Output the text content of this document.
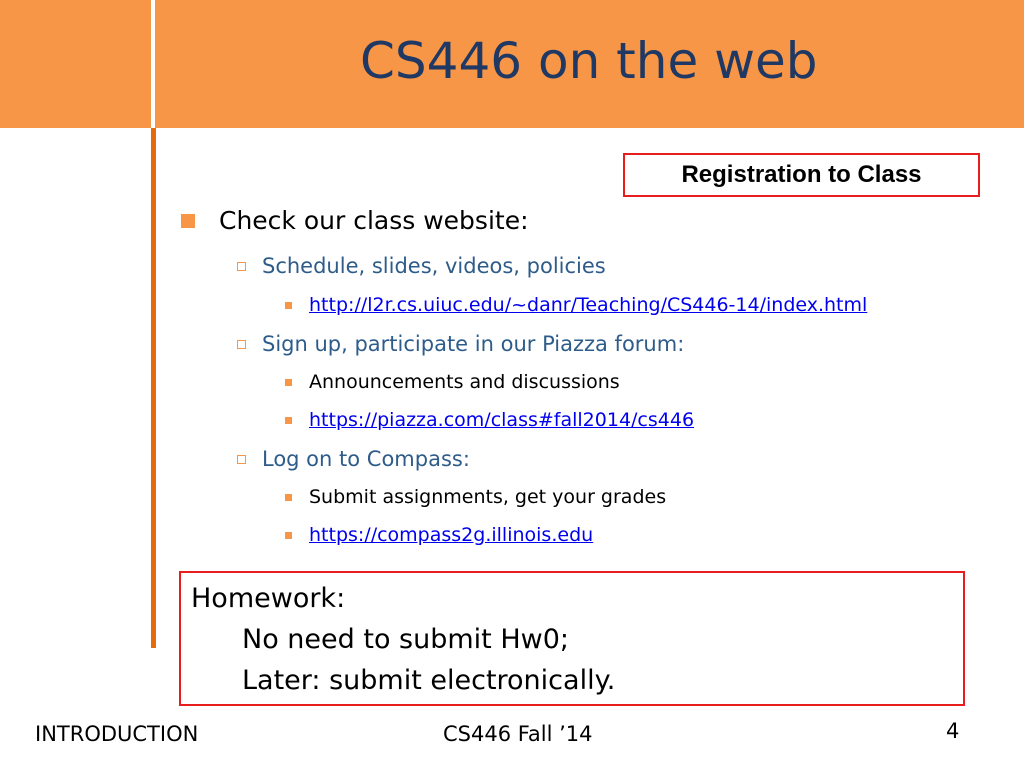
CS446 on the web
Registration to Class
Check our class website:
Schedule, slides, videos, policies
http://l2r.cs.uiuc.edu/~danr/Teaching/CS446-14/index.html
Sign up, participate in our Piazza forum:
Announcements and discussions
https://piazza.com/class#fall2014/cs446
Log on to Compass:
Submit assignments, get your grades
https://compass2g.illinois.edu
Homework:
No need to submit Hw0;
Later: submit electronically.
INTRODUCTION	CS446 Fall ’14	4
